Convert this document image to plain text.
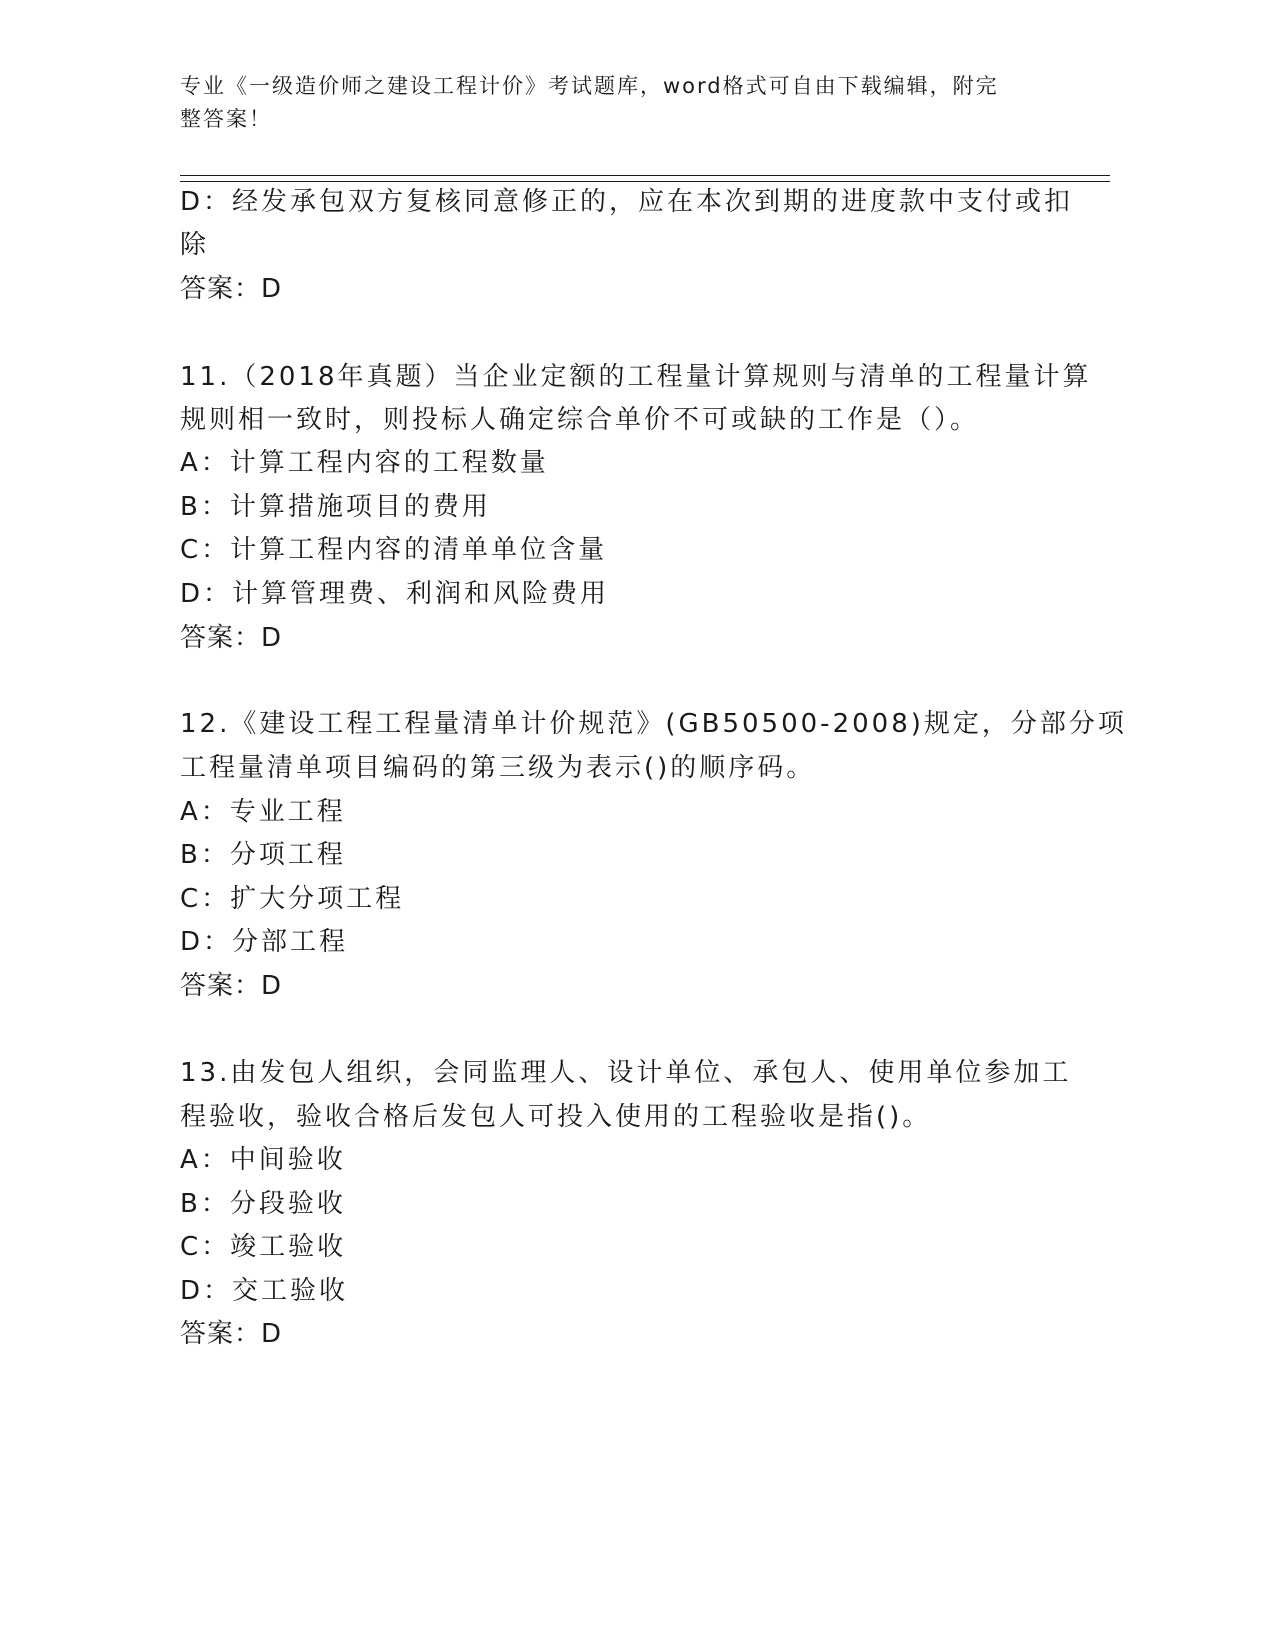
专业《一级造价师之建设工程计价》考试题库，word格式可自由下载编辑，附完
整答案！
D：经发承包双方复核同意修正的，应在本次到期的进度款中支付或扣
除
答案：D
11.（2018年真题）当企业定额的工程量计算规则与清单的工程量计算
规则相一致时，则投标人确定综合单价不可或缺的工作是（）。
A：计算工程内容的工程数量
B：计算措施项目的费用
C：计算工程内容的清单单位含量
D：计算管理费、利润和风险费用
答案：D
12.《建设工程工程量清单计价规范》(GB50500-2008)规定，分部分项
工程量清单项目编码的第三级为表示()的顺序码。
A：专业工程
B：分项工程
C：扩大分项工程
D：分部工程
答案：D
13.由发包人组织，会同监理人、设计单位、承包人、使用单位参加工
程验收，验收合格后发包人可投入使用的工程验收是指()。
A：中间验收
B：分段验收
C：竣工验收
D：交工验收
答案：D
